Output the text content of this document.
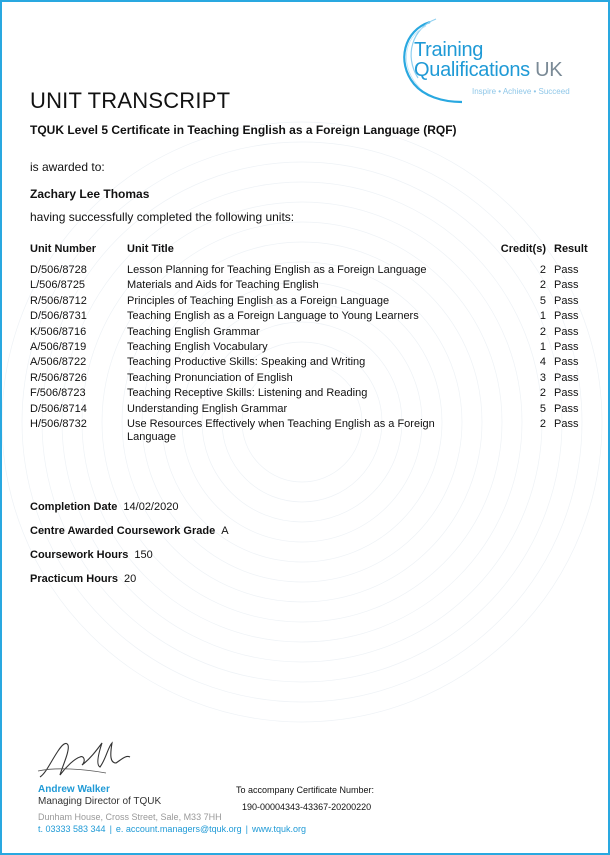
Training
Qualifications UK
Inspire • Achieve • Succeed
UNIT TRANSCRIPT
TQUK Level 5 Certificate in Teaching English as a Foreign Language (RQF)
is awarded to:
Zachary Lee Thomas
having successfully completed the following units:
Unit Number	Unit Title	Credit(s)	Result
D/506/8728	Lesson Planning for Teaching English as a Foreign Language	2	Pass
L/506/8725	Materials and Aids for Teaching English	2	Pass
R/506/8712	Principles of Teaching English as a Foreign Language	5	Pass
D/506/8731	Teaching English as a Foreign Language to Young Learners	1	Pass
K/506/8716	Teaching English Grammar	2	Pass
A/506/8719	Teaching English Vocabulary	1	Pass
A/506/8722	Teaching Productive Skills: Speaking and Writing	4	Pass
R/506/8726	Teaching Pronunciation of English	3	Pass
F/506/8723	Teaching Receptive Skills: Listening and Reading	2	Pass
D/506/8714	Understanding English Grammar	5	Pass
H/506/8732	Use Resources Effectively when Teaching English as a Foreign Language	2	Pass
Completion Date 14/02/2020
Centre Awarded Coursework Grade A
Coursework Hours 150
Practicum Hours 20
Andrew Walker
Managing Director of TQUK
Dunham House, Cross Street, Sale, M33 7HH
t. 03333 583 344 | e. account.managers@tquk.org | www.tquk.org
To accompany Certificate Number:
190-00004343-43367-20200220
